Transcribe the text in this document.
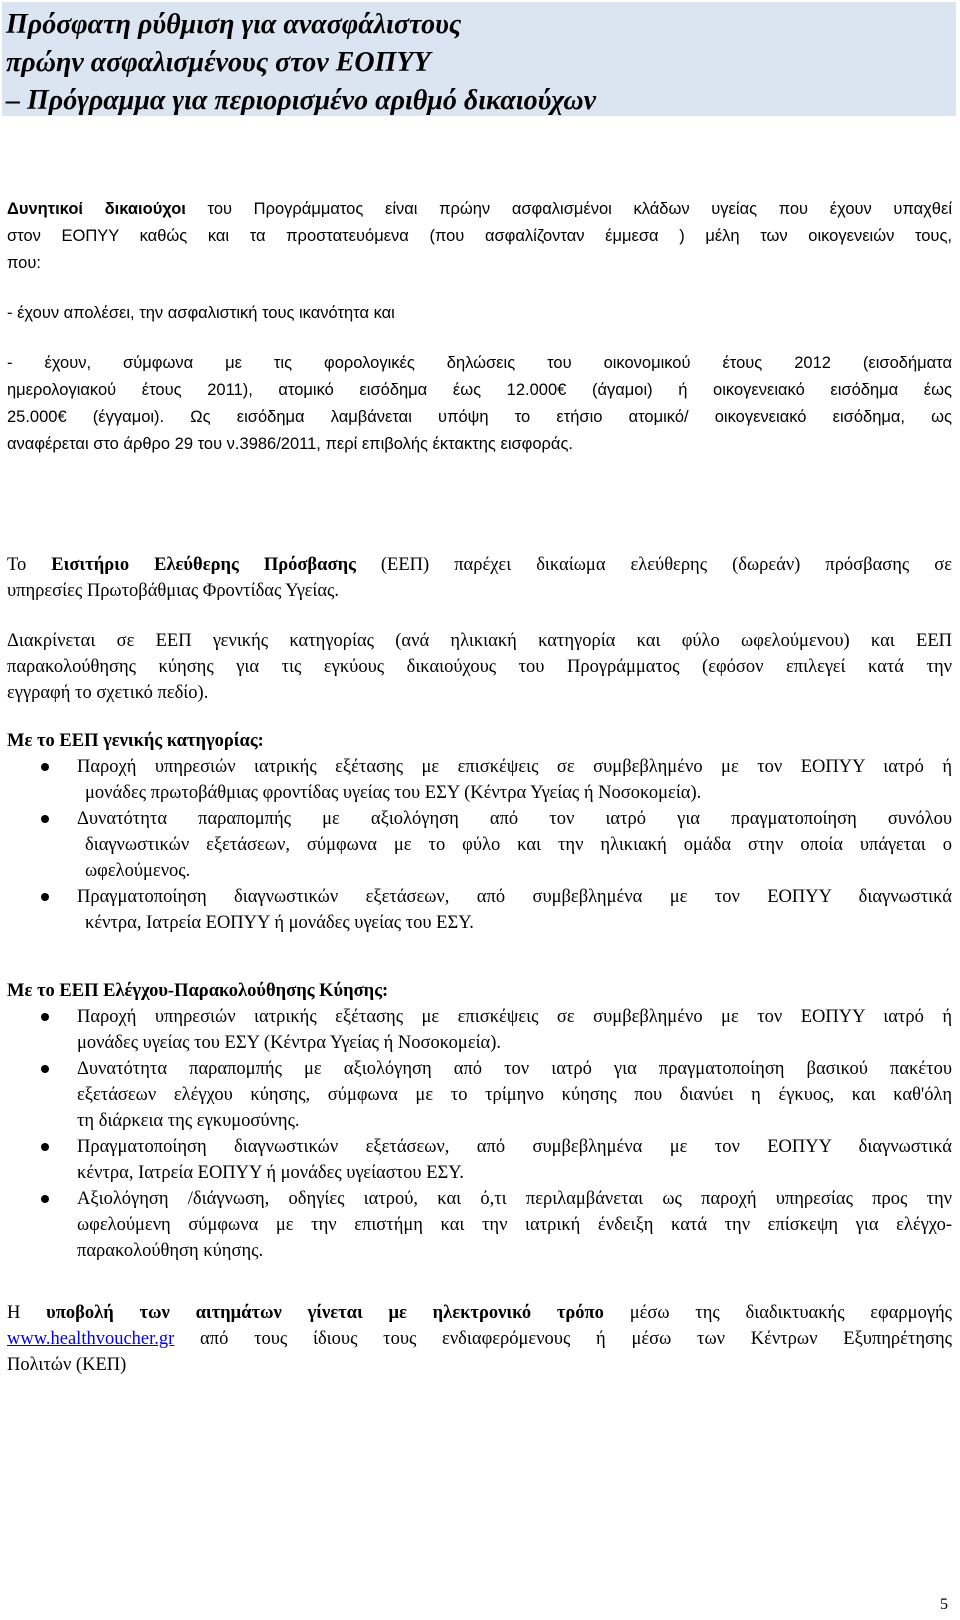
Πρόσφατη ρύθμιση για ανασφάλιστους
πρώην ασφαλισμένους στον ΕΟΠΥΥ
– Πρόγραμμα για περιορισμένο αριθμό δικαιούχων
Δυνητικοί δικαιούχοι του Προγράμματος είναι πρώην ασφαλισμένοι κλάδων υγείας που έχουν υπαχθεί
στον ΕΟΠΥΥ καθώς και τα προστατευόμενα (που ασφαλίζονταν έμμεσα ) μέλη των οικογενειών τους,
που:
- έχουν απολέσει, την ασφαλιστική τους ικανότητα και
- έχουν, σύμφωνα με τις φορολογικές δηλώσεις του οικονομικού έτους 2012 (εισοδήματα
ημερολογιακού έτους 2011), ατομικό εισόδημα έως 12.000€ (άγαμοι) ή οικογενειακό εισόδημα έως
25.000€ (έγγαμοι). Ως εισόδημα λαμβάνεται υπόψη το ετήσιο ατομικό/ οικογενειακό εισόδημα, ως
αναφέρεται στο άρθρο 29 του ν.3986/2011, περί επιβολής έκτακτης εισφοράς.
Το Εισιτήριο Ελεύθερης Πρόσβασης (ΕΕΠ) παρέχει δικαίωμα ελεύθερης (δωρεάν) πρόσβασης σε
υπηρεσίες Πρωτοβάθμιας Φροντίδας Υγείας.
Διακρίνεται σε ΕΕΠ γενικής κατηγορίας (ανά ηλικιακή κατηγορία και φύλο ωφελούμενου) και ΕΕΠ
παρακολούθησης κύησης για τις εγκύους δικαιούχους του Προγράμματος (εφόσον επιλεγεί κατά την
εγγραφή το σχετικό πεδίο).
Με το ΕΕΠ γενικής κατηγορίας:
Παροχή υπηρεσιών ιατρικής εξέτασης με επισκέψεις σε συμβεβλημένο με τον ΕΟΠΥΥ ιατρό ή
μονάδες πρωτοβάθμιας φροντίδας υγείας του ΕΣΥ (Κέντρα Υγείας ή Νοσοκομεία).
Δυνατότητα παραπομπής με αξιολόγηση από τον ιατρό για πραγματοποίηση συνόλου
διαγνωστικών εξετάσεων, σύμφωνα με το φύλο και την ηλικιακή ομάδα στην οποία υπάγεται ο
ωφελούμενος.
Πραγματοποίηση διαγνωστικών εξετάσεων, από συμβεβλημένα με τον ΕΟΠΥΥ διαγνωστικά
κέντρα, Ιατρεία ΕΟΠΥΥ ή μονάδες υγείας του ΕΣΥ.
Με το ΕΕΠ Ελέγχου-Παρακολούθησης Κύησης:
Παροχή υπηρεσιών ιατρικής εξέτασης με επισκέψεις σε συμβεβλημένο με τον ΕΟΠΥΥ ιατρό ή
μονάδες υγείας του ΕΣΥ (Κέντρα Υγείας ή Νοσοκομεία).
Δυνατότητα παραπομπής με αξιολόγηση από τον ιατρό για πραγματοποίηση βασικού πακέτου
εξετάσεων ελέγχου κύησης, σύμφωνα με το τρίμηνο κύησης που διανύει η έγκυος, και καθ'όλη
τη διάρκεια της εγκυμοσύνης.
Πραγματοποίηση διαγνωστικών εξετάσεων, από συμβεβλημένα με τον ΕΟΠΥΥ διαγνωστικά
κέντρα, Ιατρεία ΕΟΠΥΥ ή μονάδες υγείαστου ΕΣΥ.
Αξιολόγηση /διάγνωση, οδηγίες ιατρού, και ό,τι περιλαμβάνεται ως παροχή υπηρεσίας προς την
ωφελούμενη σύμφωνα με την επιστήμη και την ιατρική ένδειξη κατά την επίσκεψη για ελέγχο-
παρακολούθηση κύησης.
Η υποβολή των αιτημάτων γίνεται με ηλεκτρονικό τρόπο μέσω της διαδικτυακής εφαρμογής
www.healthvoucher.gr από τους ίδιους τους ενδιαφερόμενους ή μέσω των Κέντρων Εξυπηρέτησης
Πολιτών (ΚΕΠ)
5
